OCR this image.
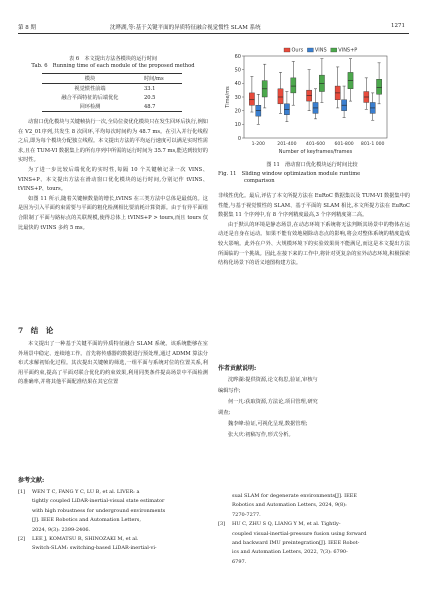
第 8 期	沈晔湖,等:基于关键平面的异质特征融合视觉惯性 SLAM 系统	1271
表 6　本文提出方法各模块的运行时间
Tab. 6　Running time of each module of the proposed method
模块	时间/ms
视觉惯性前端	33.1
融合平面特征的后端优化	20.5
回环检测	48.7

动窗口优化模块与关键帧执行一次,全局位姿优化模块只在发生回环后执行,例如在 V2_01序列,共发生 8 次回环,平均每次时间约为 48.7 ms。在引入并行化线程之后,即为每个模块分配独立线程。本文提出方法的平均运行速度可以满足实时性需求,且在 TUM-VI 数据集上的所有序列中所需的运行时间为 35.7 ms,能达到较好的实时性。

为了进一步比较后端优化的实时性,每隔 10 个关键帧记录一次 VINS、VINS+P、本文提出方法在滑动窗口优化模块的运行时间,分别记作 tVINS、tVINS+P、tours。

如图 11 所示,随着关键帧数量的增长,tVINS 在三类方法中总体是最低的。这是因为引入平面约束需要与平面的粗化检测相比要消耗计算资源。由于有异平面组合限制了平面与路标点的关联规模,使得总体上 tVINS+P > tours,而且 tours 仅比最快的 tVINS 多约 5 ms。

7　结　论

本文提出了一种基于关键平面的异质特征融合 SLAM 系统。该系统能够在室外场景中稳定、连续地工作。首先将传感器的数据进行预处理,通过 ADMM 算法分布式求解初始化过程。其次提出关键帧的筛选,一组平面与系统对位的位置关系,利用平面约束,提高了平面对联合优化的约束效果,利用同类条件提高场景中平面检测的准确率,并将其他平面配准结果在其它位置

参考文献:
[1] WEN T C, FANG Y C, LU B, et al. LIVER: a
tightly coupled LiDAR-inertial-visual state estimator
with high robustness for underground environments
[J]. IEEE Robotics and Automation Letters,
2024, 9(3): 2399-2406.
[2] LEE J, KOMATSU R, SHINOZAKI M, et al.
Switch-SLAM: switching-based LiDAR-inertial-vi-
0
10
20
30
40
50
60
Time/ms
1-200	201-400 401-600 601-800 801-1 000
Number of keyframes/frames
Ours VINS VINS+P
图 11　滑动窗口优化模块运行时间比较
Fig. 11　Sliding window optimization module runtime
comparison

非线性优化。最后,评估了本文所提方法在 EuRoC 数据集以及 TUM-VI 数据集中的性能,与基于视觉惯性的 SLAM、基于平面的 SLAM 相比,本文所提方法在 EuRoC 数据集 11 个序列中,有 8 个序列精度最高,3 个序列精度第二高。

由于默认的环境是静态场景,在动态环境下系统将无法判断其场景中的物体在运动还是自身在运动。如果不能有效地剔除动态点的影响,将会对整体系统的精度造成较大影响。此外在户外、大规模环境下的实验效果尚不能满足,而这是本文提出方法所面临的一个挑战。因此,在接下来的工作中,将针对更复杂的室外动态环境,积极探索结构化场景下的语义地图构建方法。

作者贡献说明:
沈晔湖:提供资源,论文构思,验证,审核与
编辑写作;
何一凡:获取资源,方法论,项目管理,研究
调查;
魏李峰:验证,可视化呈现,数据管理;
张大庆:初稿写作,形式分析。
sual SLAM for degenerate environments[J]. IEEE
Robotics and Automation Letters, 2024, 9(8):
7270-7277.
[3] HU C, ZHU S Q, LIANG Y M, et al. Tightly-
coupled visual-inertial-pressure fusion using forward
and backward IMU preintegration[J]. IEEE Robot-
ics and Automation Letters, 2022, 7(3): 6790-
6797.
